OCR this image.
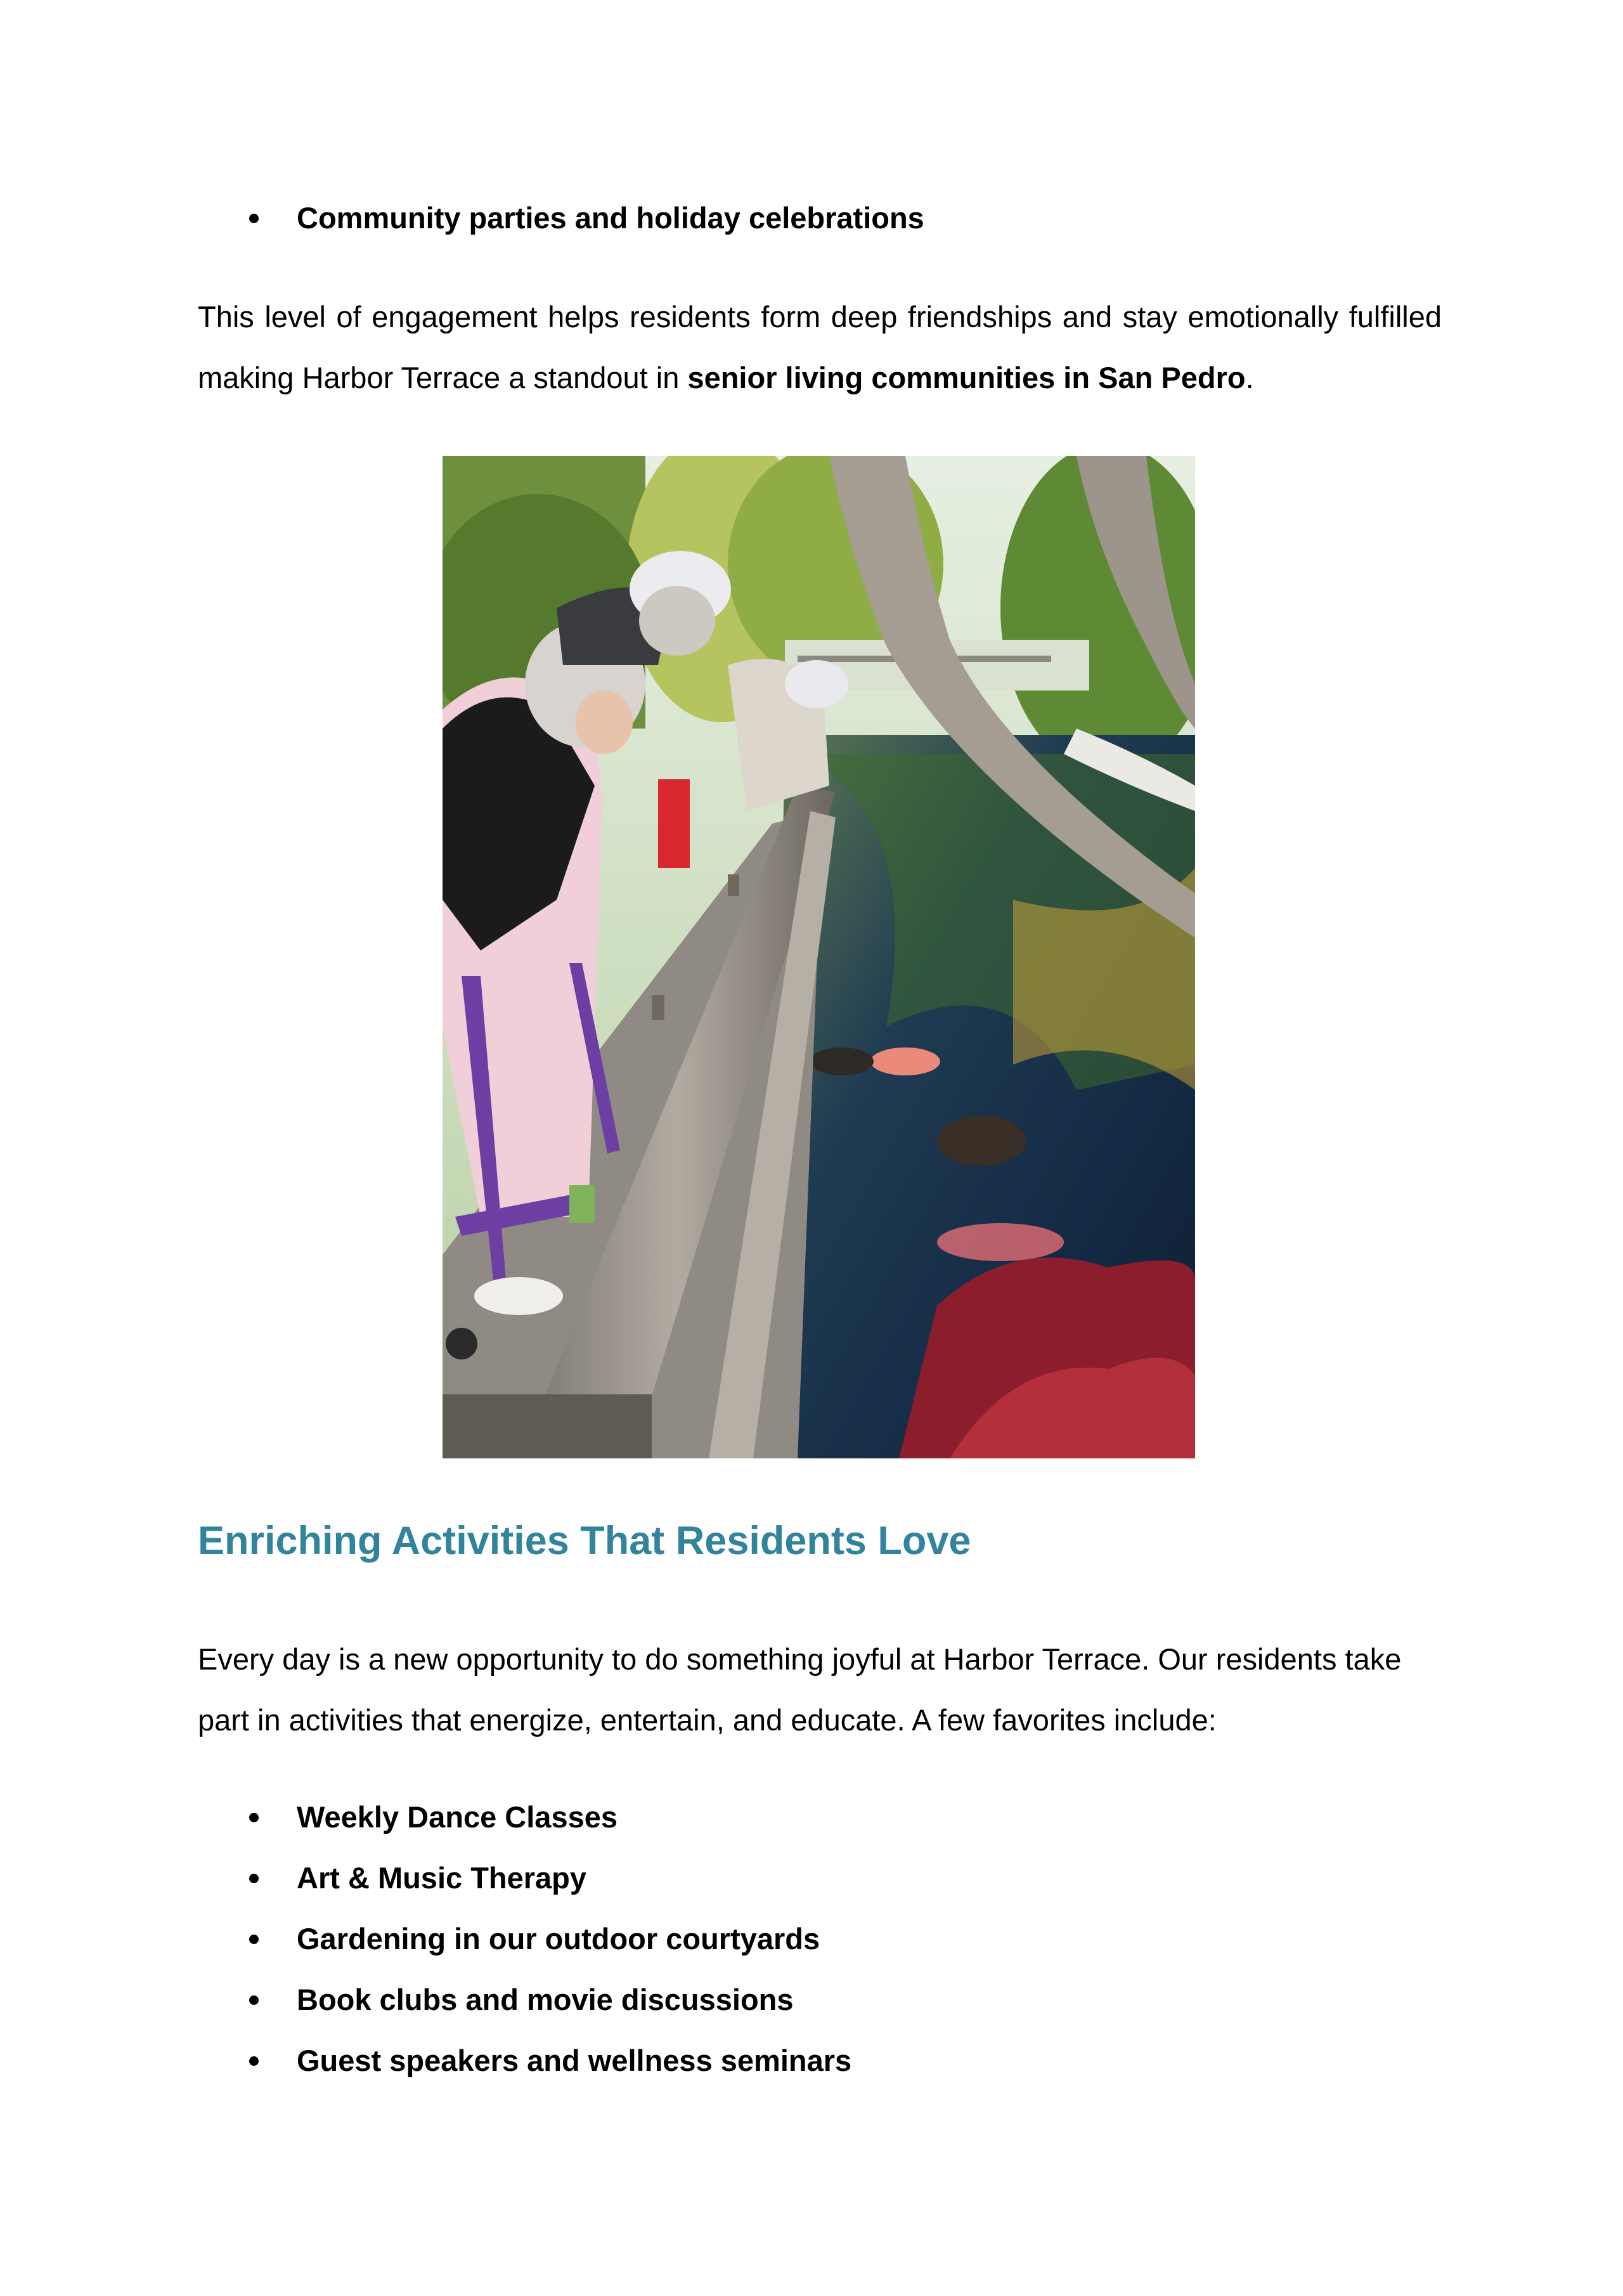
Community parties and holiday celebrations

This level of engagement helps residents form deep friendships and stay emotionally fulfilled making Harbor Terrace a standout in senior living communities in San Pedro.

Enriching Activities That Residents Love

Every day is a new opportunity to do something joyful at Harbor Terrace. Our residents take part in activities that energize, entertain, and educate. A few favorites include:

Weekly Dance Classes
Art & Music Therapy
Gardening in our outdoor courtyards
Book clubs and movie discussions
Guest speakers and wellness seminars
